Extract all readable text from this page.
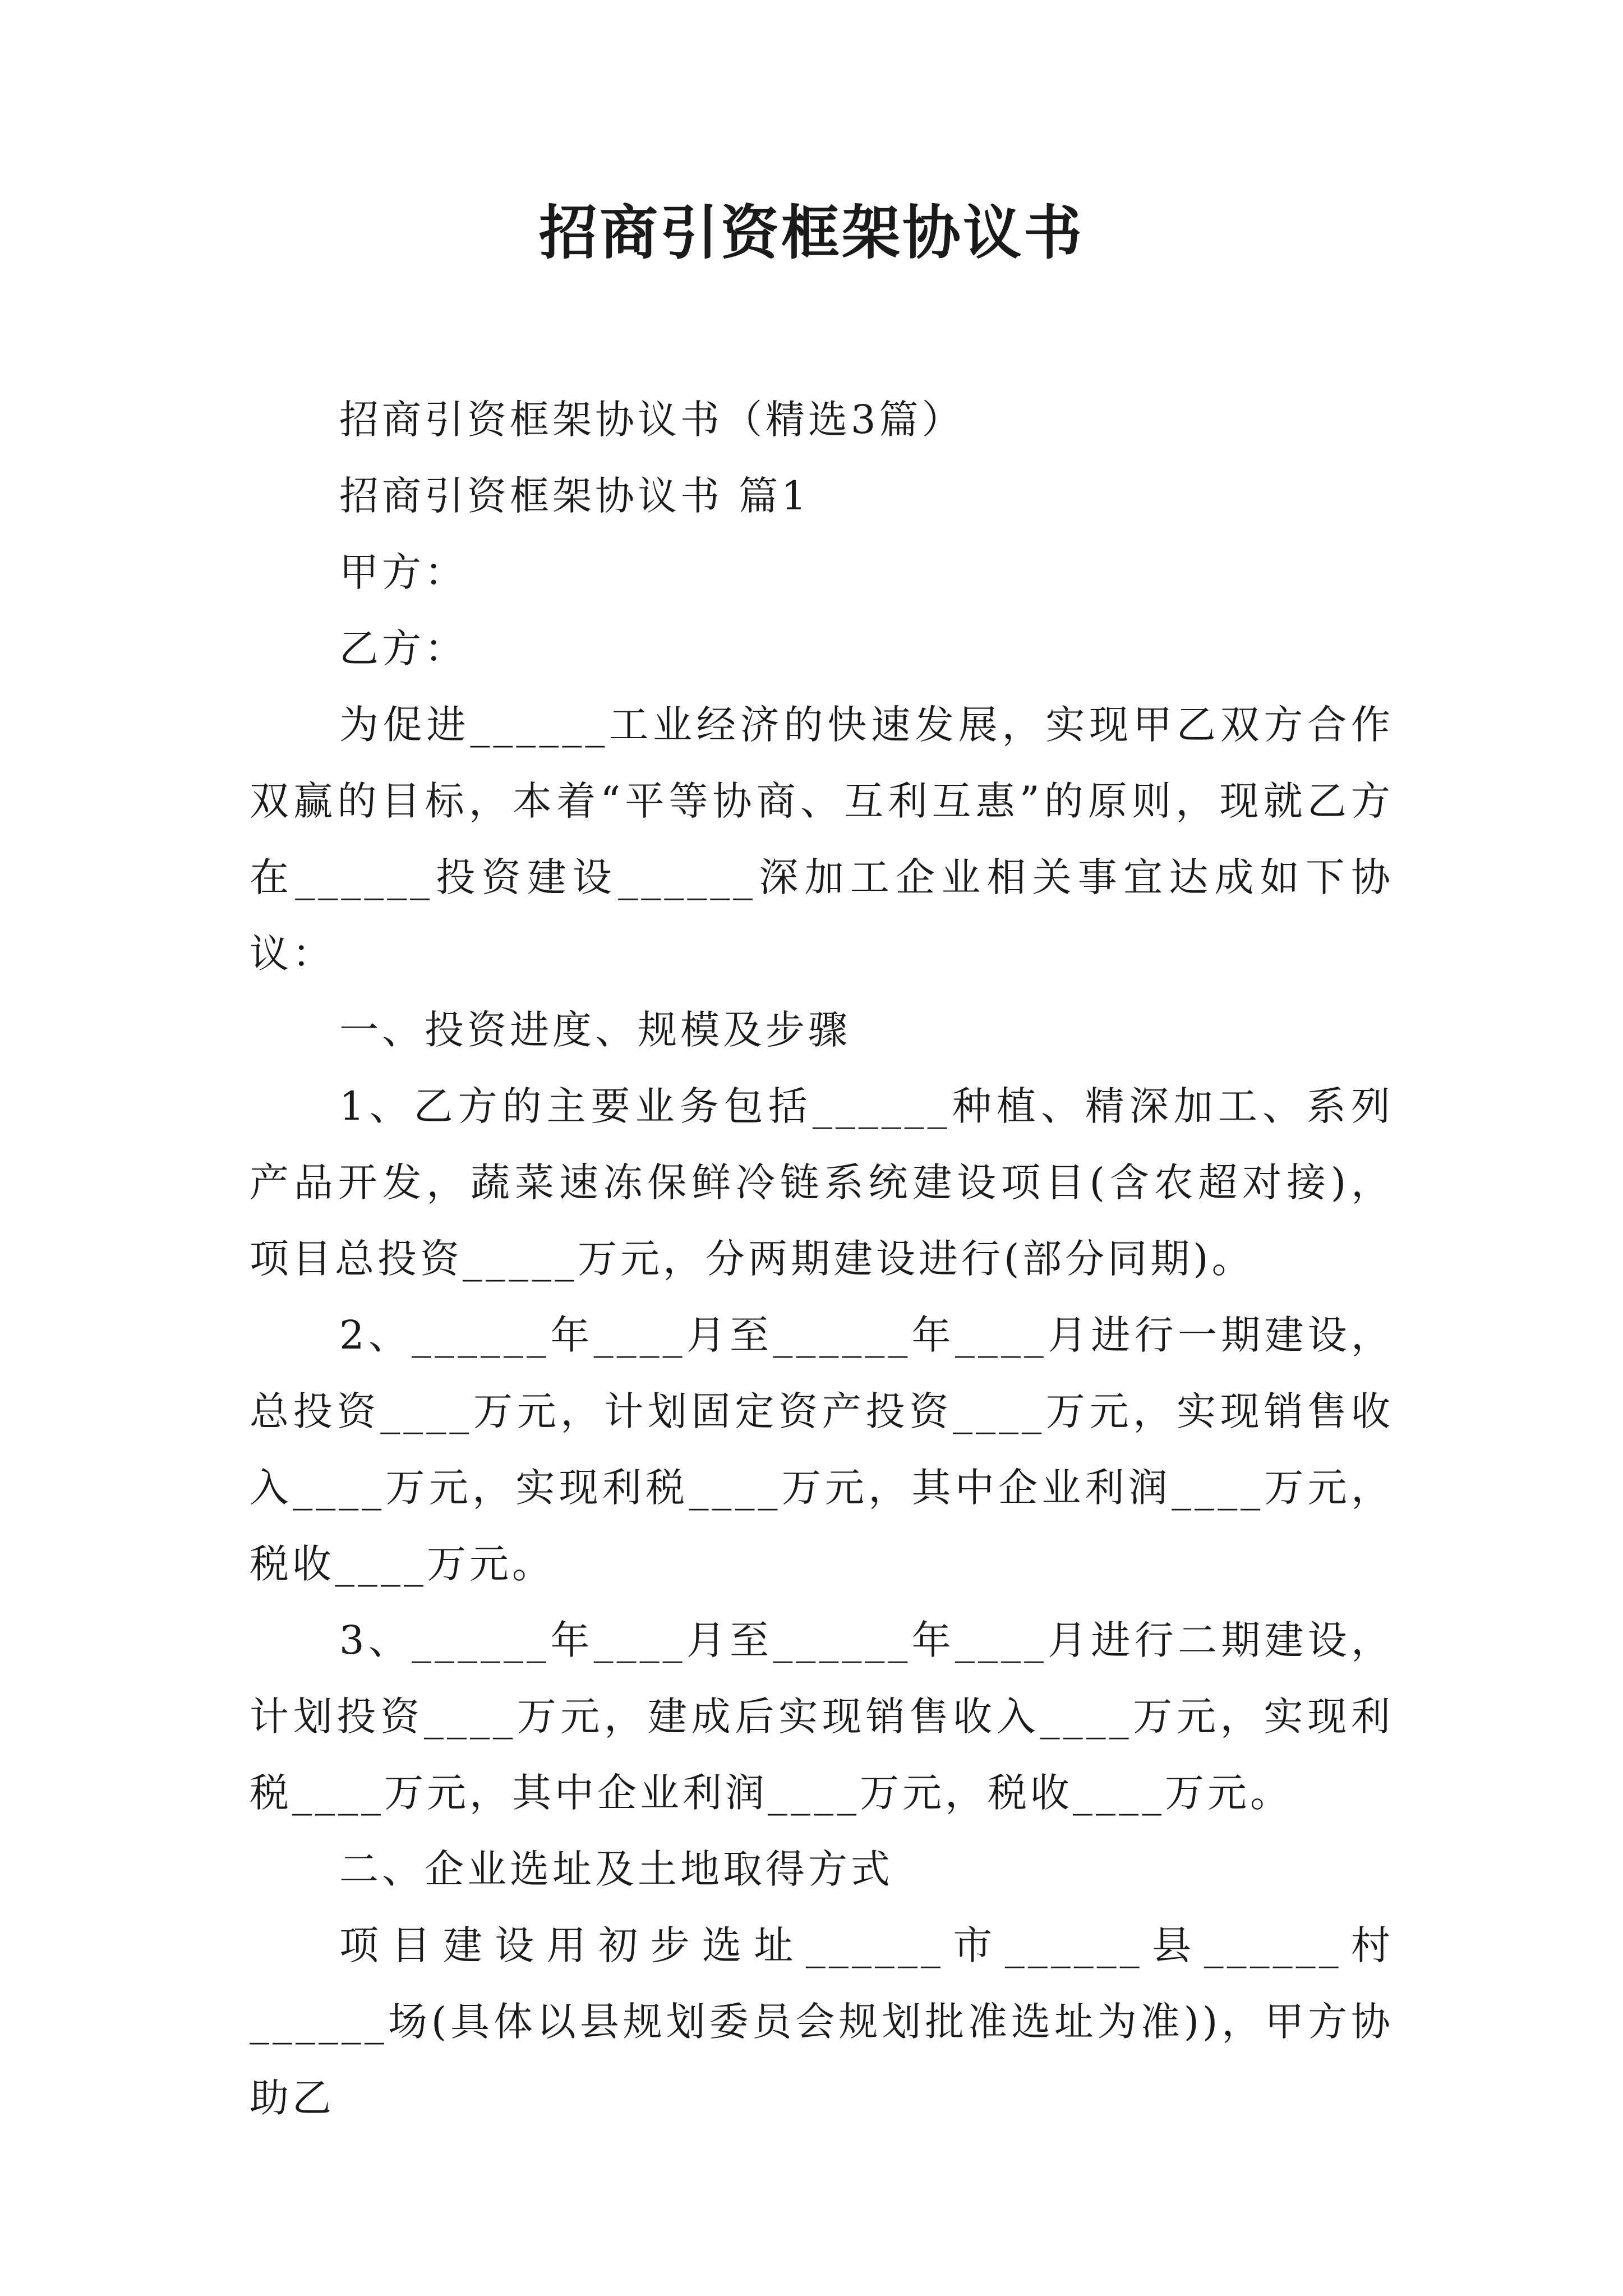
招商引资框架协议书

招商引资框架协议书（精选3篇）

招商引资框架协议书 篇1

甲方：

乙方：

为促进______工业经济的快速发展，实现甲乙双方合作双赢的目标，本着“平等协商、互利互惠”的原则，现就乙方在______投资建设______深加工企业相关事宜达成如下协议：

一、投资进度、规模及步骤

1、乙方的主要业务包括______种植、精深加工、系列产品开发，蔬菜速冻保鲜冷链系统建设项目(含农超对接)，项目总投资_____万元，分两期建设进行(部分同期)。

2、______年____月至______年____月进行一期建设，总投资____万元，计划固定资产投资____万元，实现销售收入____万元，实现利税____万元，其中企业利润____万元，税收____万元。

3、______年____月至______年____月进行二期建设，计划投资____万元，建成后实现销售收入____万元，实现利税____万元，其中企业利润____万元，税收____万元。

二、企业选址及土地取得方式

项目建设用初步选址______市______县______村______场(具体以县规划委员会规划批准选址为准))，甲方协助乙
